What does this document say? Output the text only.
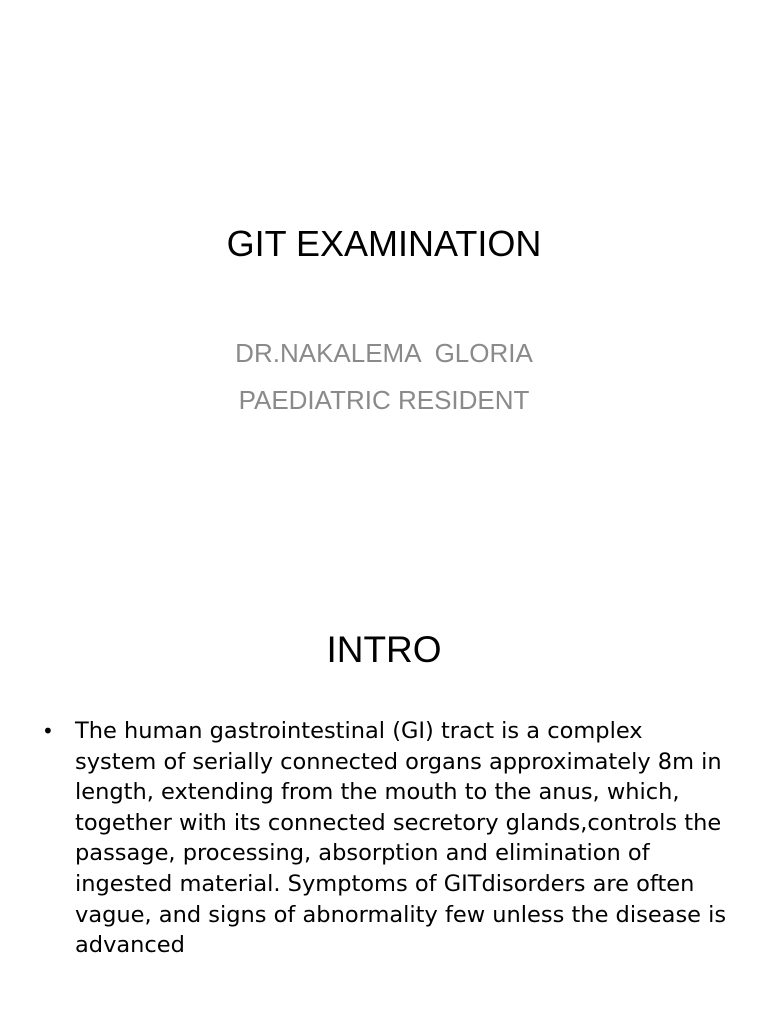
GIT EXAMINATION
DR.NAKALEMA  GLORIA
PAEDIATRIC RESIDENT
INTRO
• The human gastrointestinal (GI) tract is a complex system of serially connected organs approximately 8m in length, extending from the mouth to the anus, which, together with its connected secretory glands,controls the passage, processing, absorption and elimination of ingested material. Symptoms of GITdisorders are often vague, and signs of abnormality few unless the disease is advanced
